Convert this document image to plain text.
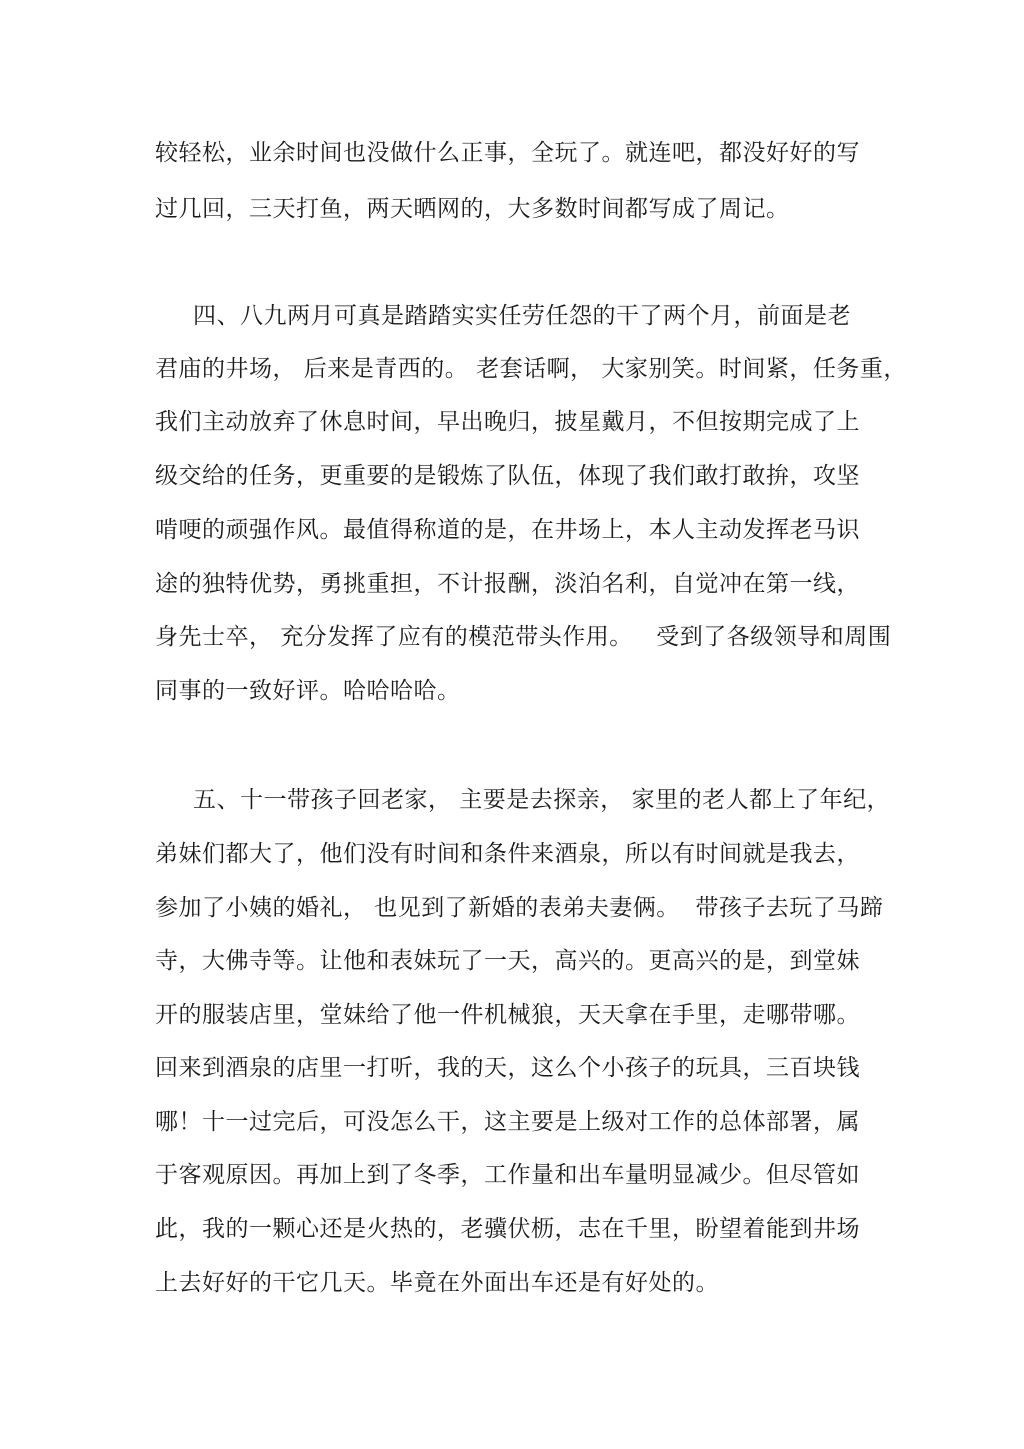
较轻松，业余时间也没做什么正事，全玩了。就连吧，都没好好的写
过几回，三天打鱼，两天晒网的，大多数时间都写成了周记。
四、八九两月可真是踏踏实实任劳任怨的干了两个月，前面是老
君庙的井场， 后来是青西的。 老套话啊， 大家别笑。时间紧，任务重，
我们主动放弃了休息时间，早出晚归，披星戴月，不但按期完成了上
级交给的任务，更重要的是锻炼了队伍，体现了我们敢打敢拚，攻坚
啃哽的顽强作风。最值得称道的是，在井场上，本人主动发挥老马识
途的独特优势，勇挑重担，不计报酬，淡泊名利，自觉冲在第一线，
身先士卒， 充分发挥了应有的模范带头作用。   受到了各级领导和周围
同事的一致好评。哈哈哈哈。
五、十一带孩子回老家， 主要是去探亲， 家里的老人都上了年纪，
弟妹们都大了，他们没有时间和条件来酒泉，所以有时间就是我去，
参加了小姨的婚礼， 也见到了新婚的表弟夫妻俩。  带孩子去玩了马蹄
寺，大佛寺等。让他和表妹玩了一天，高兴的。更高兴的是，到堂妹
开的服装店里，堂妹给了他一件机械狼，天天拿在手里，走哪带哪。
回来到酒泉的店里一打听，我的天，这么个小孩子的玩具，三百块钱
哪！十一过完后，可没怎么干，这主要是上级对工作的总体部署，属
于客观原因。再加上到了冬季，工作量和出车量明显减少。但尽管如
此，我的一颗心还是火热的，老骥伏枥，志在千里，盼望着能到井场
上去好好的干它几天。毕竟在外面出车还是有好处的。
